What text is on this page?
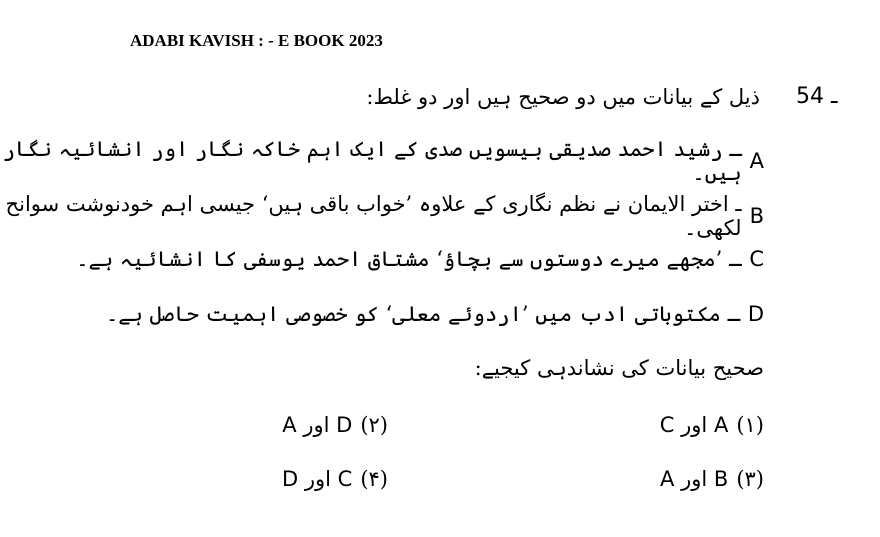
ADABI KAVISH : - E BOOK 2023
54 ـ
ذیل کے بیانات میں دو صحیح ہیں اور دو غلط:
A
ـ رشید احمد صدیقی بیسویں صدی کے ایک اہم خاکہ نگار اور انشائیہ نگار ہیں۔
B
ـ اختر الایمان نے نظم نگاری کے علاوہ ’خواب باقی ہیں‘ جیسی اہم خودنوشت سوانح لکھی۔
C
ـ ’مجھے میرے دوستوں سے بچاؤ‘ مشتاق احمد یوسفی کا انشائیہ ہے۔
D
ـ مکتوباتی ادب میں ’اردوئے معلی‘ کو خصوصی اہمیت حاصل ہے۔
صحیح بیانات کی نشاندہی کیجیے:
(۱)
A اور C
(۲)
D اور A
(۳)
B اور A
(۴)
C اور D
